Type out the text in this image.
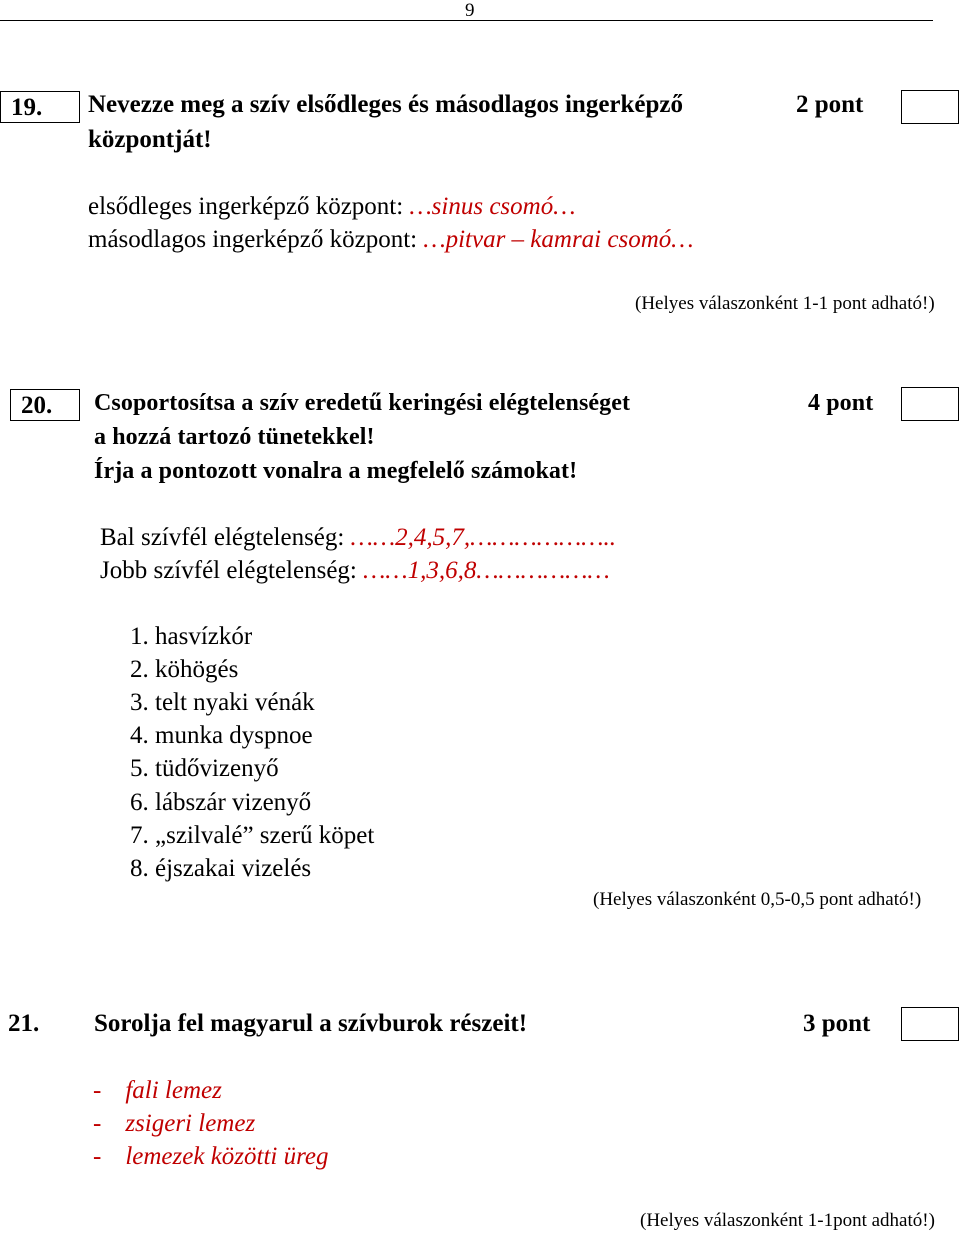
9
19.	Nevezze meg a szív elsődleges és másodlagos ingerképző	2 pont
központját!
elsődleges ingerképző központ: …sinus csomó…
másodlagos ingerképző központ: …pitvar – kamrai csomó…
(Helyes válaszonként 1-1 pont adható!)
20.	Csoportosítsa a szív eredetű keringési elégtelenséget	4 pont
a hozzá tartozó tünetekkel!
Írja a pontozott vonalra a megfelelő számokat!
Bal szívfél elégtelenség: ……2,4,5,7,………………..
Jobb szívfél elégtelenség: ……1,3,6,8………………
1. hasvízkór
2. köhögés
3. telt nyaki vénák
4. munka dyspnoe
5. tüdővizenyő
6. lábszár vizenyő
7. „szilvalé” szerű köpet
8. éjszakai vizelés
(Helyes válaszonként 0,5-0,5 pont adható!)
21. Sorolja fel magyarul a szívburok részeit!	3 pont
- fali lemez
- zsigeri lemez
- lemezek közötti üreg
(Helyes válaszonként 1-1pont adható!)
